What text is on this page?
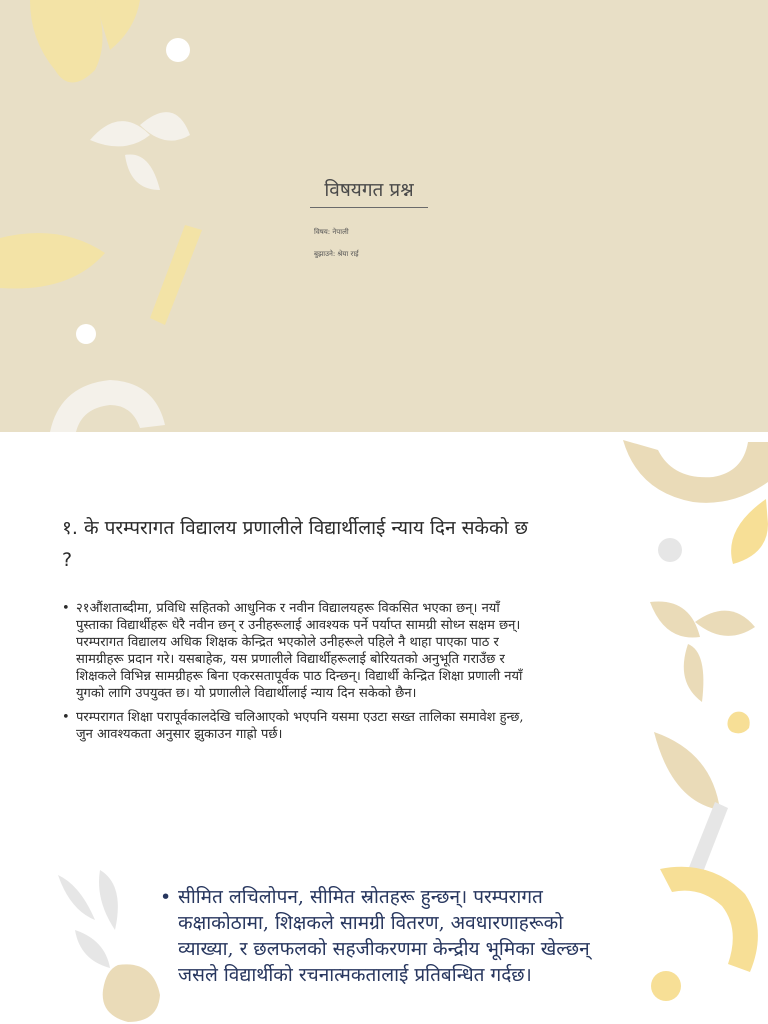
विषयगत प्रश्न
विषय: नेपाली
बुझाउने: श्रेया राई
१. के परम्परागत विद्यालय प्रणालीले विद्यार्थीलाई न्याय दिन सकेको छ ?
• २१औंशताब्दीमा, प्रविधि सहितको आधुनिक र नवीन विद्यालयहरू विकसित भएका छन्। नयाँ पुस्ताका विद्यार्थीहरू धेरै नवीन छन् र उनीहरूलाई आवश्यक पर्ने पर्याप्त सामग्री सोध्न सक्षम छन्। परम्परागत विद्यालय अधिक शिक्षक केन्द्रित भएकोले उनीहरूले पहिले नै थाहा पाएका पाठ र सामग्रीहरू प्रदान गरे। यसबाहेक, यस प्रणालीले विद्यार्थीहरूलाई बोरियतको अनुभूति गराउँछ र शिक्षकले विभिन्न सामग्रीहरू बिना एकरसतापूर्वक पाठ दिन्छन्। विद्यार्थी केन्द्रित शिक्षा प्रणाली नयाँ युगको लागि उपयुक्त छ। यो प्रणालीले विद्यार्थीलाई न्याय दिन सकेको छैन।
• परम्परागत शिक्षा परापूर्वकालदेखि चलिआएको भएपनि यसमा एउटा सख्त तालिका समावेश हुन्छ, जुन आवश्यकता अनुसार झुकाउन गाह्रो पर्छ।
• सीमित लचिलोपन, सीमित स्रोतहरू हुन्छन्। परम्परागत कक्षाकोठामा, शिक्षकले सामग्री वितरण, अवधारणाहरूको व्याख्या, र छलफलको सहजीकरणमा केन्द्रीय भूमिका खेल्छन् जसले विद्यार्थीको रचनात्मकतालाई प्रतिबन्धित गर्दछ।
